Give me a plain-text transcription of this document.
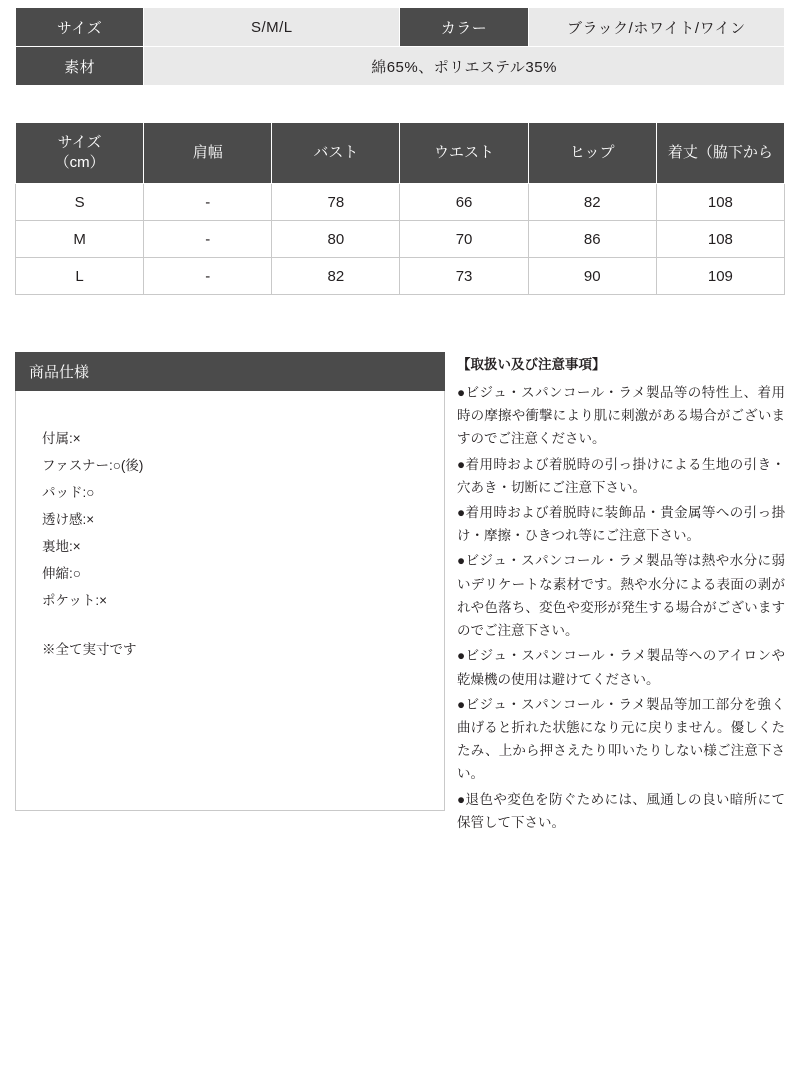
サイズ	S/M/L	カラー	ブラック/ホワイト/ワイン
素材	綿65%、ポリエステル35%		
サイズ
（cm）	肩幅	バスト	ウエスト	ヒップ	着丈（脇下から
S	-	78	66	82	108
M	-	80	70	86	108
L	-	82	73	90	109
商品仕様
付属:×
ファスナー:○(後)
パッド:○
透け感:×
裏地:×
伸縮:○
ポケット:×
※全て実寸です
【取扱い及び注意事項】

●ビジュ・スパンコール・ラメ製品等の特性上、着用時の摩擦や衝撃により肌に刺激がある場合がございますのでご注意ください。

●着用時および着脱時の引っ掛けによる生地の引き・穴あき・切断にご注意下さい。

●着用時および着脱時に装飾品・貴金属等への引っ掛け・摩擦・ひきつれ等にご注意下さい。

●ビジュ・スパンコール・ラメ製品等は熱や水分に弱いデリケートな素材です。熱や水分による表面の剥がれや色落ち、変色や変形が発生する場合がございますのでご注意下さい。

●ビジュ・スパンコール・ラメ製品等へのアイロンや乾燥機の使用は避けてください。

●ビジュ・スパンコール・ラメ製品等加工部分を強く曲げると折れた状態になり元に戻りません。優しくたたみ、上から押さえたり叩いたりしない様ご注意下さい。

●退色や変色を防ぐためには、風通しの良い暗所にて保管して下さい。
